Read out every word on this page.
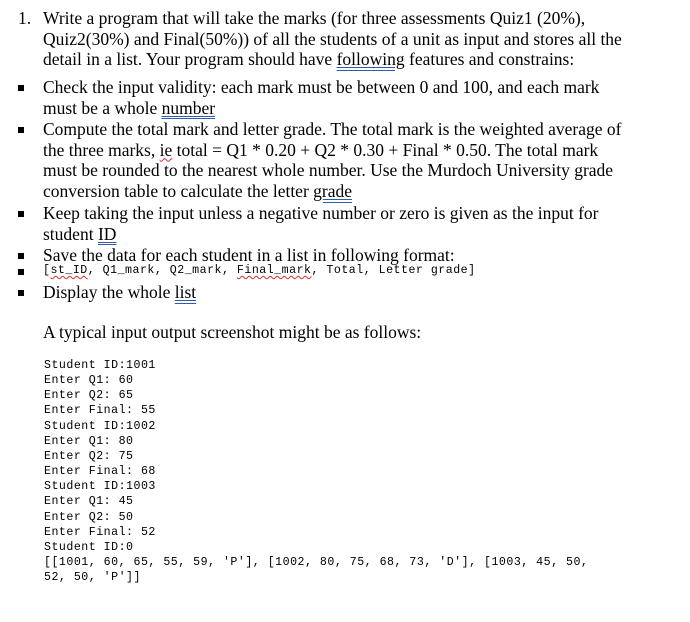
1. Write a program that will take the marks (for three assessments Quiz1 (20%),
Quiz2(30%) and Final(50%)) of all the students of a unit as input and stores all the
detail in a list. Your program should have following features and constrains:
Check the input validity: each mark must be between 0 and 100, and each mark
must be a whole number
Compute the total mark and letter grade. The total mark is the weighted average of
the three marks, ie total = Q1 * 0.20 + Q2 * 0.30 + Final * 0.50. The total mark
must be rounded to the nearest whole number. Use the Murdoch University grade
conversion table to calculate the letter grade
Keep taking the input unless a negative number or zero is given as the input for
student ID
Save the data for each student in a list in following format:
[st_ID, Q1_mark, Q2_mark, Final_mark, Total, Letter grade]
Display the whole list
A typical input output screenshot might be as follows:
Student ID:1001
Enter Q1: 60
Enter Q2: 65
Enter Final: 55
Student ID:1002
Enter Q1: 80
Enter Q2: 75
Enter Final: 68
Student ID:1003
Enter Q1: 45
Enter Q2: 50
Enter Final: 52
Student ID:0
[[1001, 60, 65, 55, 59, 'P'], [1002, 80, 75, 68, 73, 'D'], [1003, 45, 50,
52, 50, 'P']]
